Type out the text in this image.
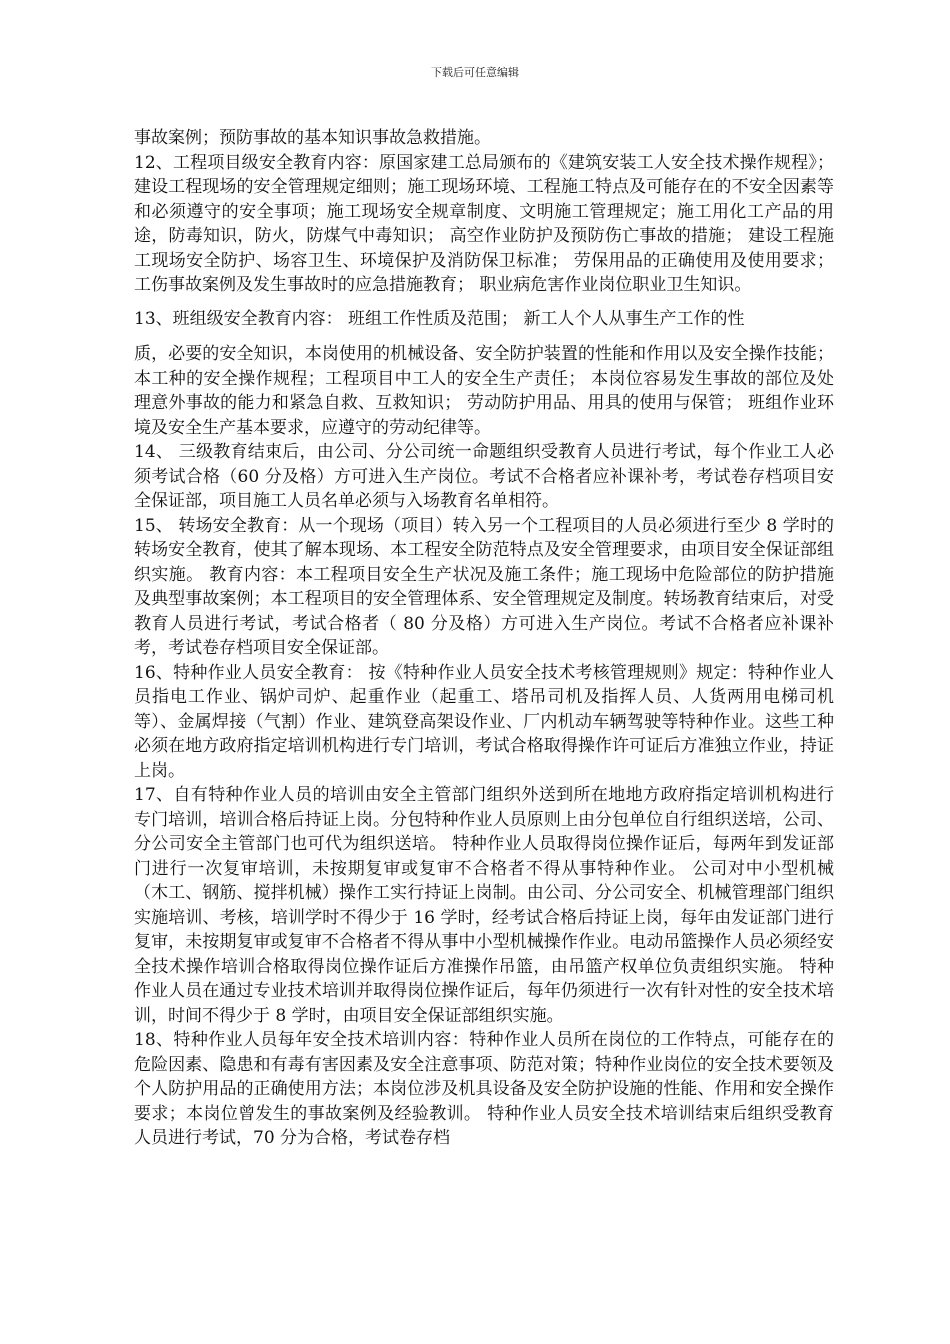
下载后可任意编辑

事故案例；预防事故的基本知识事故急救措施。

12、工程项目级安全教育内容：原国家建工总局颁布的《建筑安装工人安全技术操作规程》； 建设工程现场的安全管理规定细则；施工现场环境、工程施工特点及可能存在的不安全因素等和必须遵守的安全事项；施工现场安全规章制度、文明施工管理规定；施工用化工产品的用途，防毒知识，防火，防煤气中毒知识； 高空作业防护及预防伤亡事故的措施； 建设工程施工现场安全防护、场容卫生、环境保护及消防保卫标准； 劳保用品的正确使用及使用要求； 工伤事故案例及发生事故时的应急措施教育； 职业病危害作业岗位职业卫生知识。

13、班组级安全教育内容： 班组工作性质及范围； 新工人个人从事生产工作的性

质，必要的安全知识，本岗使用的机械设备、安全防护装置的性能和作用以及安全操作技能； 本工种的安全操作规程；工程项目中工人的安全生产责任； 本岗位容易发生事故的部位及处理意外事故的能力和紧急自救、互救知识； 劳动防护用品、用具的使用与保管； 班组作业环境及安全生产基本要求，应遵守的劳动纪律等。

14、 三级教育结束后，由公司、分公司统一命题组织受教育人员进行考试，每个作业工人必须考试合格（60 分及格）方可进入生产岗位。考试不合格者应补课补考，考试卷存档项目安全保证部，项目施工人员名单必须与入场教育名单相符。

15、 转场安全教育：从一个现场（项目）转入另一个工程项目的人员必须进行至少 8 学时的转场安全教育，使其了解本现场、本工程安全防范特点及安全管理要求，由项目安全保证部组织实施。 教育内容：本工程项目安全生产状况及施工条件；施工现场中危险部位的防护措施及典型事故案例；本工程项目的安全管理体系、安全管理规定及制度。转场教育结束后，对受教育人员进行考试，考试合格者（ 80 分及格）方可进入生产岗位。考试不合格者应补课补考，考试卷存档项目安全保证部。

16、特种作业人员安全教育： 按《特种作业人员安全技术考核管理规则》规定：特种作业人员指电工作业、锅炉司炉、起重作业（起重工、塔吊司机及指挥人员、人货两用电梯司机等）、金属焊接（气割）作业、建筑登高架设作业、厂内机动车辆驾驶等特种作业。这些工种必须在地方政府指定培训机构进行专门培训，考试合格取得操作许可证后方准独立作业，持证上岗。

17、自有特种作业人员的培训由安全主管部门组织外送到所在地地方政府指定培训机构进行专门培训，培训合格后持证上岗。分包特种作业人员原则上由分包单位自行组织送培，公司、分公司安全主管部门也可代为组织送培。 特种作业人员取得岗位操作证后，每两年到发证部门进行一次复审培训，未按期复审或复审不合格者不得从事特种作业。 公司对中小型机械（木工、钢筋、搅拌机械）操作工实行持证上岗制。由公司、分公司安全、机械管理部门组织实施培训、考核，培训学时不得少于 16 学时，经考试合格后持证上岗，每年由发证部门进行复审，未按期复审或复审不合格者不得从事中小型机械操作作业。电动吊篮操作人员必须经安全技术操作培训合格取得岗位操作证后方准操作吊篮，由吊篮产权单位负责组织实施。 特种作业人员在通过专业技术培训并取得岗位操作证后，每年仍须进行一次有针对性的安全技术培训，时间不得少于 8 学时，由项目安全保证部组织实施。

18、特种作业人员每年安全技术培训内容：特种作业人员所在岗位的工作特点，可能存在的危险因素、隐患和有毒有害因素及安全注意事项、防范对策；特种作业岗位的安全技术要领及个人防护用品的正确使用方法；本岗位涉及机具设备及安全防护设施的性能、作用和安全操作要求；本岗位曾发生的事故案例及经验教训。 特种作业人员安全技术培训结束后组织受教育人员进行考试，70 分为合格，考试卷存档
